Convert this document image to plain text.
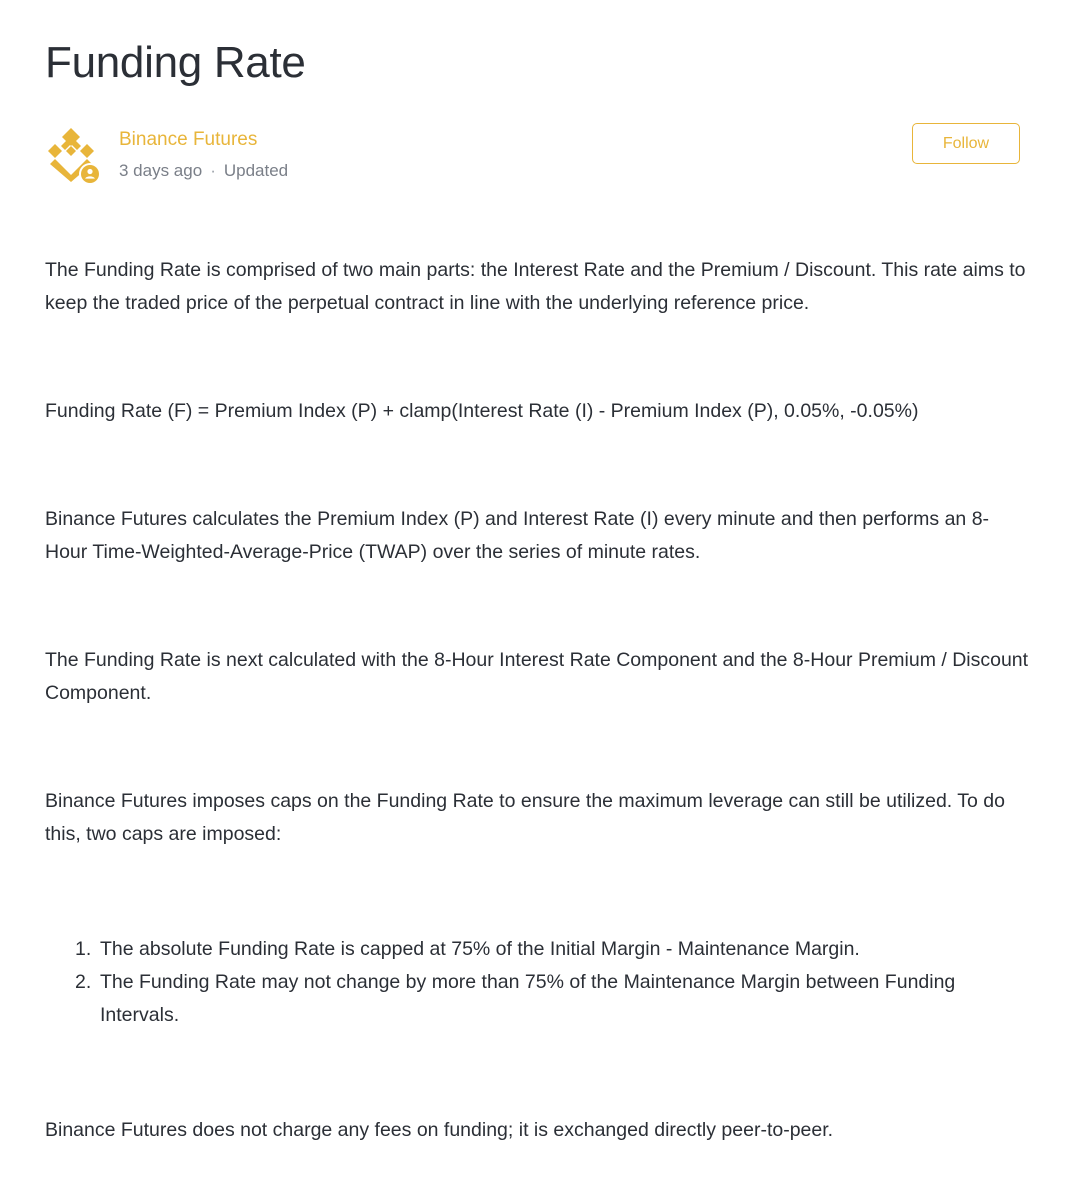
Funding Rate
Binance Futures
3 days ago · Updated
Follow

The Funding Rate is comprised of two main parts: the Interest Rate and the Premium / Discount. This rate aims to keep the traded price of the perpetual contract in line with the underlying reference price.

Funding Rate (F) = Premium Index (P) + clamp(Interest Rate (I) - Premium Index (P), 0.05%, -0.05%)

Binance Futures calculates the Premium Index (P) and Interest Rate (I) every minute and then performs an 8-Hour Time-Weighted-Average-Price (TWAP) over the series of minute rates.

The Funding Rate is next calculated with the 8-Hour Interest Rate Component and the 8-Hour Premium / Discount Component.

Binance Futures imposes caps on the Funding Rate to ensure the maximum leverage can still be utilized. To do this, two caps are imposed:

1. The absolute Funding Rate is capped at 75% of the Initial Margin - Maintenance Margin.
2. The Funding Rate may not change by more than 75% of the Maintenance Margin between Funding Intervals.

Binance Futures does not charge any fees on funding; it is exchanged directly peer-to-peer.
